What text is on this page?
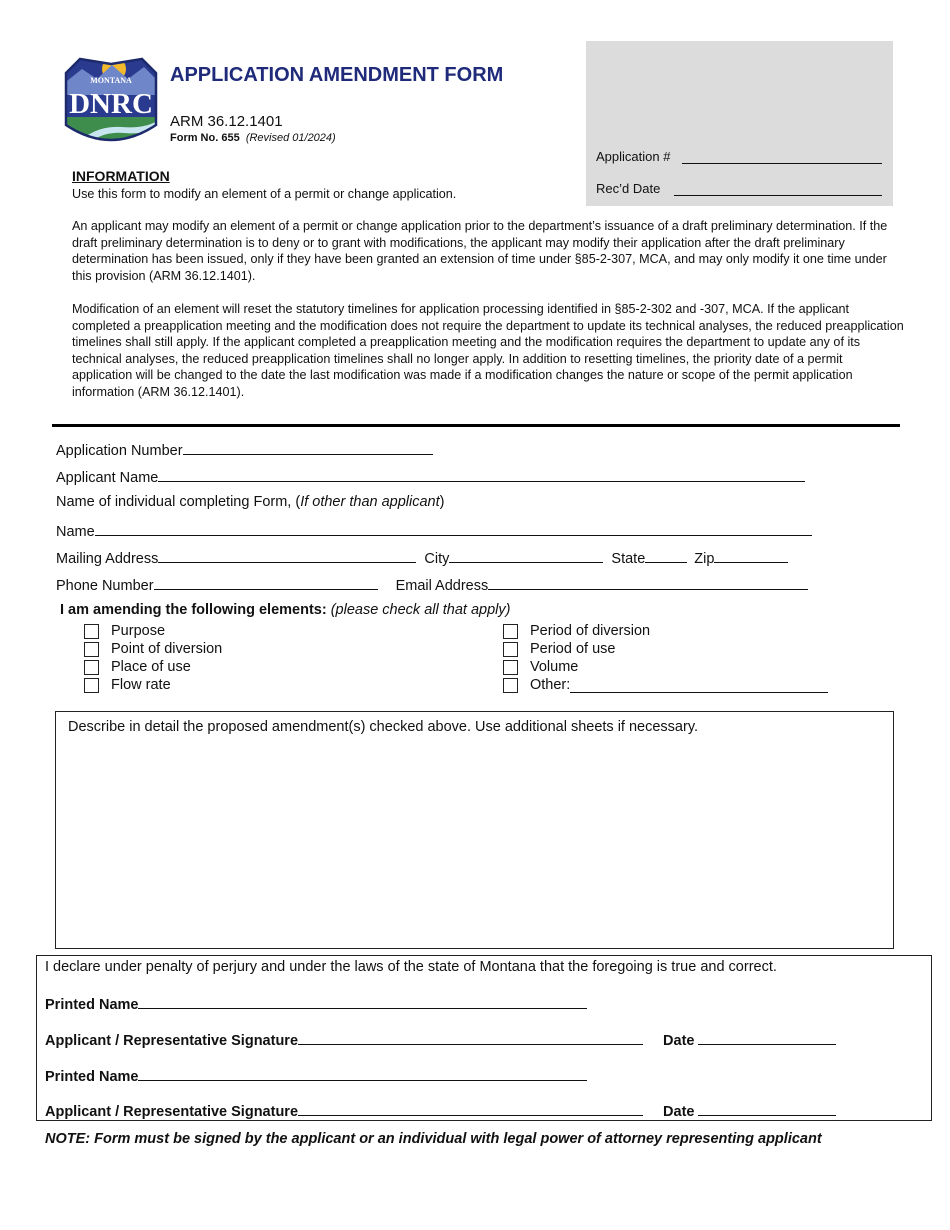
MONTANA
DNRC
APPLICATION AMENDMENT FORM
ARM 36.12.1401
Form No. 655 (Revised 01/2024)
Application #
Rec’d Date
INFORMATION

Use this form to modify an element of a permit or change application.

An applicant may modify an element of a permit or change application prior to the department’s issuance of a draft preliminary determination. If the draft preliminary determination is to deny or to grant with modifications, the applicant may modify their application after the draft preliminary determination has been issued, only if they have been granted an extension of time under §85-2-307, MCA, and may only modify it one time under this provision (ARM 36.12.1401).

Modification of an element will reset the statutory timelines for application processing identified in §85-2-302 and -307, MCA. If the applicant completed a preapplication meeting and the modification does not require the department to update its technical analyses, the reduced preapplication timelines shall still apply. If the applicant completed a preapplication meeting and the modification requires the department to update any of its technical analyses, the reduced preapplication timelines shall no longer apply. In addition to resetting timelines, the priority date of a permit application will be changed to the date the last modification was made if a modification changes the nature or scope of the permit application information (ARM 36.12.1401).

Application Number
Applicant Name
Name of individual completing Form, (If other than applicant)
Name
Mailing Address	City	State	Zip
Phone Number	Email Address
I am amending the following elements: (please check all that apply)
Purpose
Point of diversion
Place of use
Flow rate
Period of diversion
Period of use
Volume
Other:
Describe in detail the proposed amendment(s) checked above. Use additional sheets if necessary.
I declare under penalty of perjury and under the laws of the state of Montana that the foregoing is true and correct.
Printed Name
Applicant / Representative Signature	Date
Printed Name
Applicant / Representative Signature	Date
NOTE: Form must be signed by the applicant or an individual with legal power of attorney representing applicant
